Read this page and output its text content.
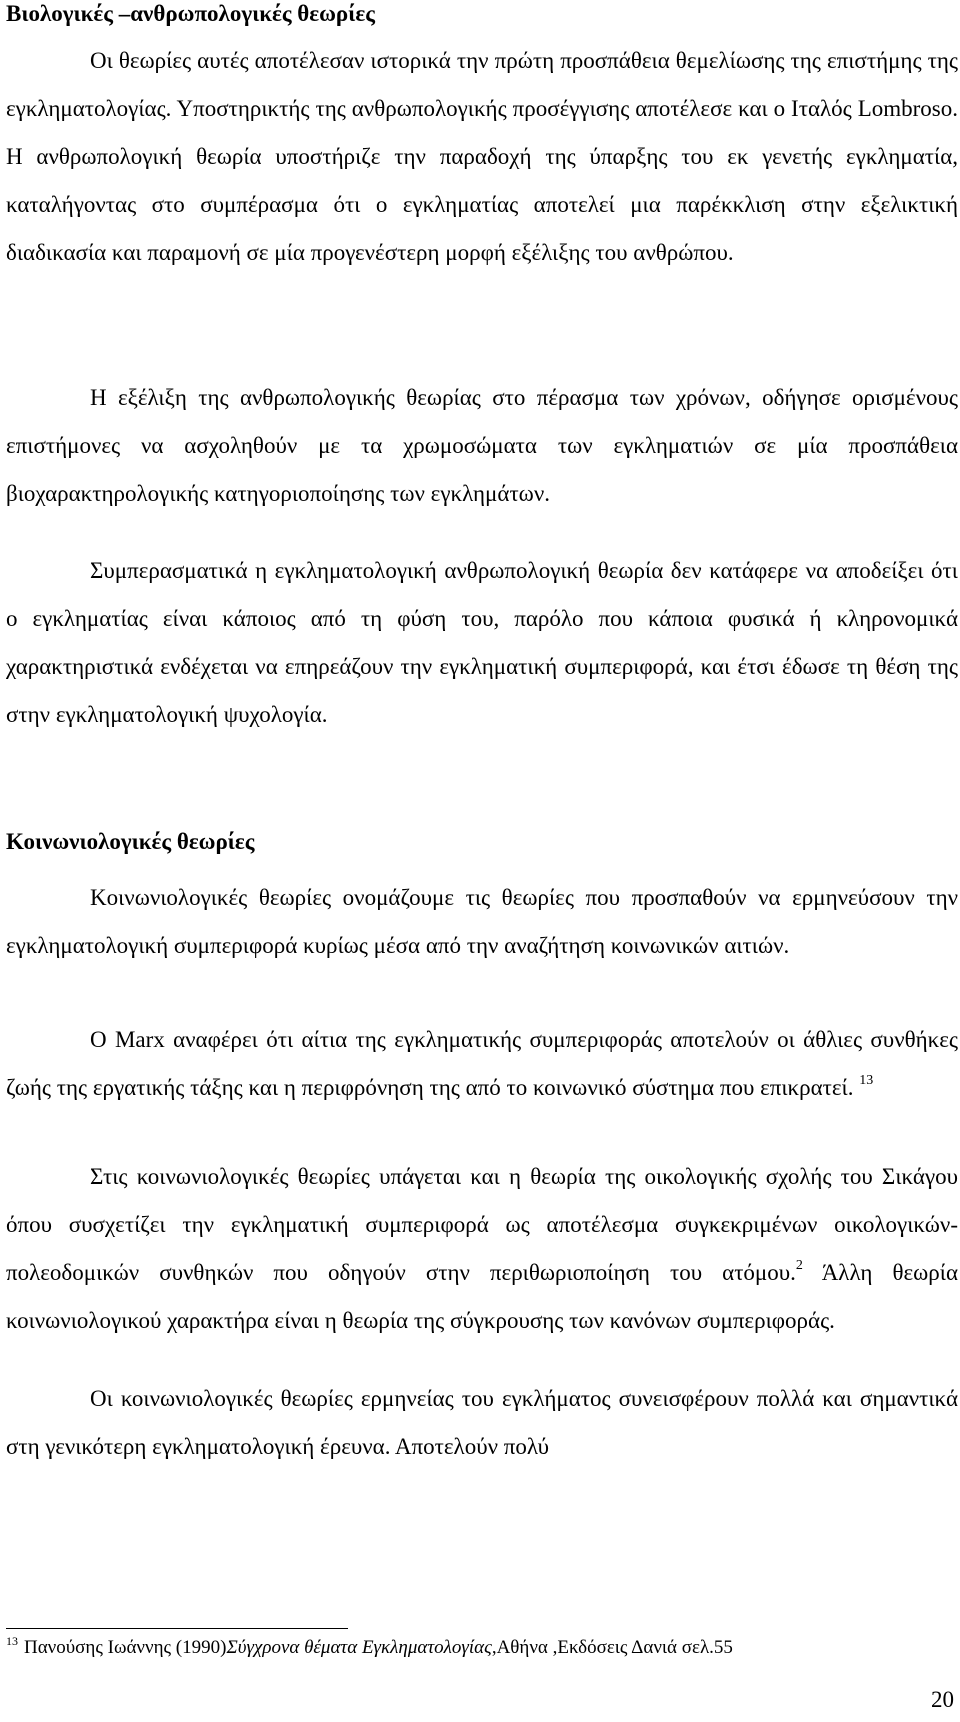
Βιολογικές –ανθρωπολογικές θεωρίες

Οι θεωρίες αυτές αποτέλεσαν ιστορικά την πρώτη προσπάθεια θεμελίωσης της επιστήμης της εγκληματολογίας. Υποστηρικτής της ανθρωπολογικής προσέγγισης αποτέλεσε και ο Ιταλός Lombroso. Η ανθρωπολογική θεωρία υποστήριζε την παραδοχή της ύπαρξης του εκ γενετής εγκληματία, καταλήγοντας στο συμπέρασμα ότι ο εγκληματίας αποτελεί μια παρέκκλιση στην εξελικτική διαδικασία και παραμονή σε μία προγενέστερη μορφή εξέλιξης του ανθρώπου.

Η εξέλιξη της ανθρωπολογικής θεωρίας στο πέρασμα των χρόνων, οδήγησε ορισμένους επιστήμονες να ασχοληθούν με τα χρωμοσώματα των εγκληματιών σε μία προσπάθεια βιοχαρακτηρολογικής κατηγοριοποίησης των εγκλημάτων.

Συμπερασματικά η εγκληματολογική ανθρωπολογική θεωρία δεν κατάφερε να αποδείξει ότι ο εγκληματίας είναι κάποιος από τη φύση του, παρόλο που κάποια φυσικά ή κληρονομικά χαρακτηριστικά ενδέχεται να επηρεάζουν την εγκληματική συμπεριφορά, και έτσι έδωσε τη θέση της στην εγκληματολογική ψυχολογία.

Κοινωνιολογικές θεωρίες

Κοινωνιολογικές θεωρίες ονομάζουμε τις θεωρίες που προσπαθούν να ερμηνεύσουν την εγκληματολογική συμπεριφορά κυρίως μέσα από την αναζήτηση κοινωνικών αιτιών.

Ο Marx αναφέρει ότι αίτια της εγκληματικής συμπεριφοράς αποτελούν οι άθλιες συνθήκες ζωής της εργατικής τάξης και η περιφρόνηση της από το κοινωνικό σύστημα που επικρατεί. $^{13}$

Στις κοινωνιολογικές θεωρίες υπάγεται και η θεωρία της οικολογικής σχολής του Σικάγου όπου συσχετίζει την εγκληματική συμπεριφορά ως αποτέλεσμα συγκεκριμένων οικολογικών-πολεοδομικών συνθηκών που οδηγούν στην περιθωριοποίηση του ατόμου.$^2$ Άλλη θεωρία κοινωνιολογικού χαρακτήρα είναι η θεωρία της σύγκρουσης των κανόνων συμπεριφοράς.

Οι κοινωνιολογικές θεωρίες ερμηνείας του εγκλήματος συνεισφέρουν πολλά και σημαντικά στη γενικότερη εγκληματολογική έρευνα. Αποτελούν πολύ

$^{13}$ Πανούσης Ιωάννης (1990)Σύγχρονα θέματα Εγκληματολογίας,Αθήνα ,Εκδόσεις Δανιά σελ.55

20
